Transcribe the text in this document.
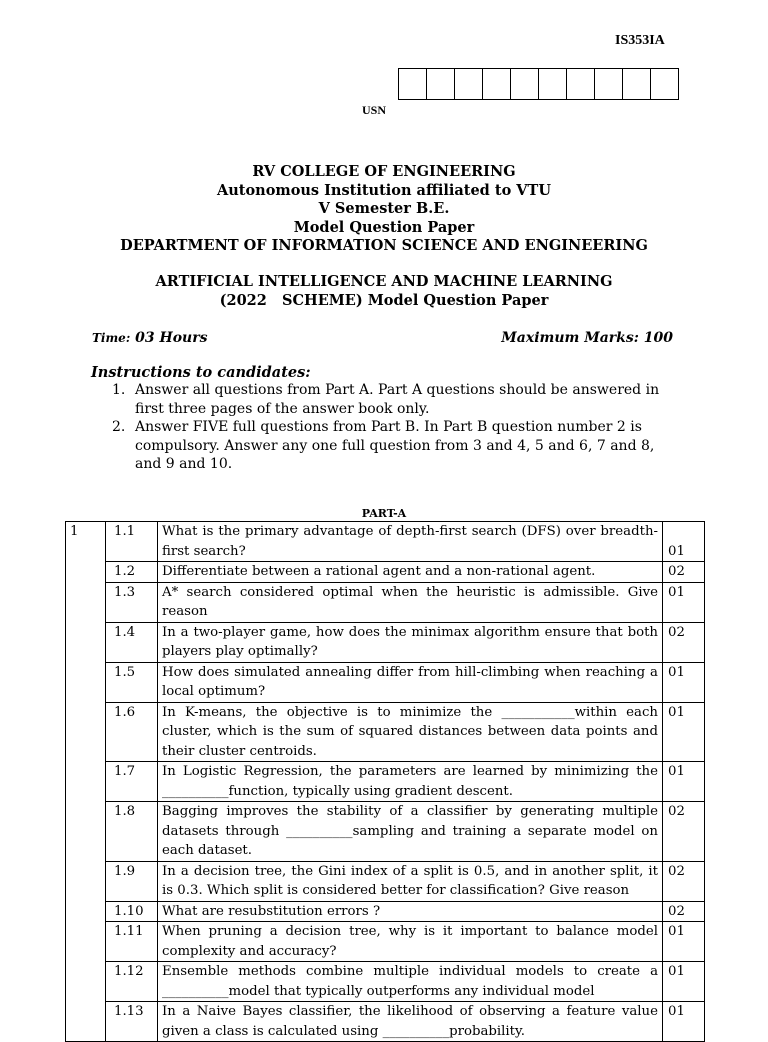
IS353IA
USN
RV COLLEGE OF ENGINEERING
Autonomous Institution affiliated to VTU
V Semester B.E.
Model Question Paper
DEPARTMENT OF INFORMATION SCIENCE AND ENGINEERING
ARTIFICIAL INTELLIGENCE AND MACHINE LEARNING
(2022   SCHEME) Model Question Paper
Time: 03 Hours	Maximum Marks: 100
Instructions to candidates:
1. Answer all questions from Part A. Part A questions should be answered in first three pages of the answer book only.
2. Answer FIVE full questions from Part B. In Part B question number 2 is compulsory. Answer any one full question from 3 and 4, 5 and 6, 7 and 8, and 9 and 10.
PART-A
1	1.1	What is the primary advantage of depth-first search (DFS) over breadth-first search?	01
	1.2	Differentiate between a rational agent and a non-rational agent.	02
	1.3	A* search considered optimal when the heuristic is admissible. Give reason	01
	1.4	In a two-player game, how does the minimax algorithm ensure that both players play optimally?	02
	1.5	How does simulated annealing differ from hill-climbing when reaching a local optimum?	01
	1.6	In K-means, the objective is to minimize the ___________within each cluster, which is the sum of squared distances between data points and their cluster centroids.	01
	1.7	In Logistic Regression, the parameters are learned by minimizing the __________function, typically using gradient descent.	01
	1.8	Bagging improves the stability of a classifier by generating multiple datasets through __________sampling and training a separate model on each dataset.	02
	1.9	In a decision tree, the Gini index of a split is 0.5, and in another split, it is 0.3. Which split is considered better for classification? Give reason	02
	1.10	What are resubstitution errors ?	02
	1.11	When pruning a decision tree, why is it important to balance model complexity and accuracy?	01
	1.12	Ensemble methods combine multiple individual models to create a __________model that typically outperforms any individual model	01
	1.13	In a Naive Bayes classifier, the likelihood of observing a feature value given a class is calculated using __________probability.	01
